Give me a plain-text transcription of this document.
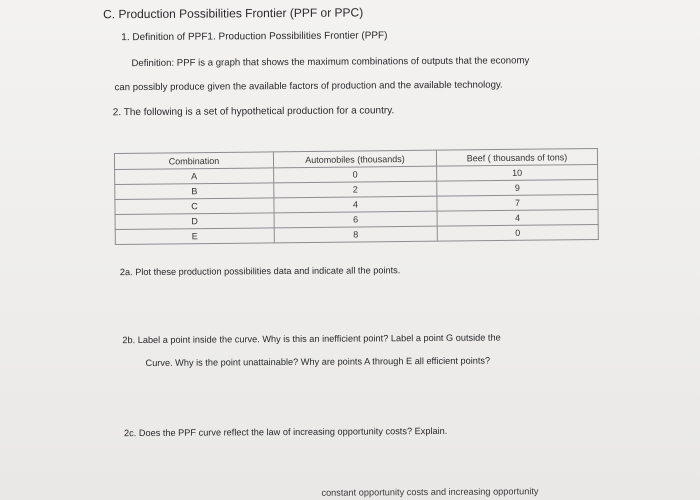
C. Production Possibilities Frontier (PPF or PPC)
1. Definition of PPF1. Production Possibilities Frontier (PPF)
Definition: PPF is a graph that shows the maximum combinations of outputs that the economy
can possibly produce given the available factors of production and the available technology.
2. The following is a set of hypothetical production for a country.
Combination	Automobiles (thousands)	Beef ( thousands of tons)
A	0	10
B	2	9
C	4	7
D	6	4
E	8	0
2a. Plot these production possibilities data and indicate all the points.
2b. Label a point inside the curve. Why is this an inefficient point? Label a point G outside the
Curve. Why is the point unattainable? Why are points A through E all efficient points?
2c. Does the PPF curve reflect the law of increasing opportunity costs? Explain.
constant opportunity costs and increasing opportunity
